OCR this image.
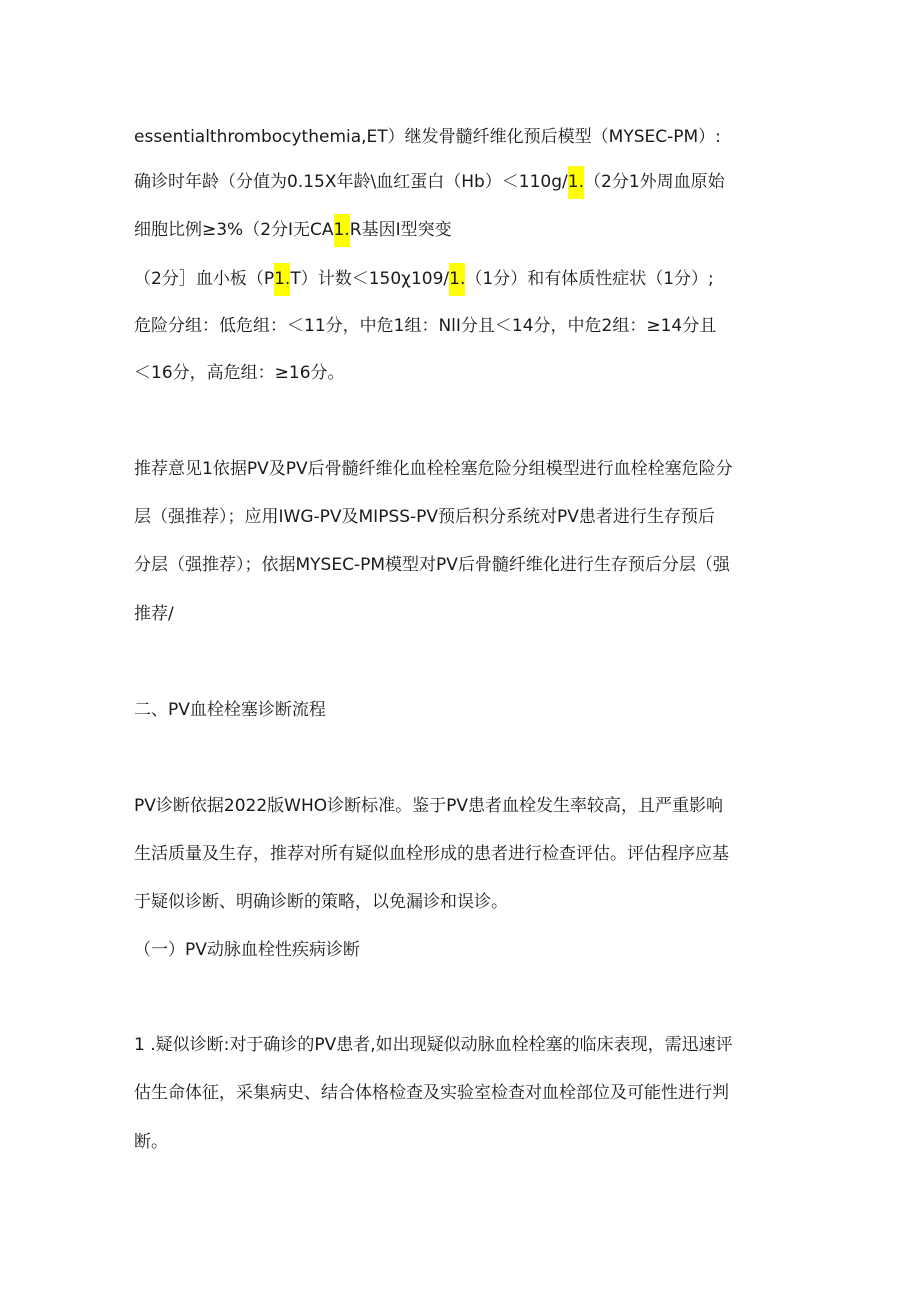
essentialthrombocythemia,ET）继发骨髓纤维化预后模型（MYSEC-PM）:
确诊时年龄（分值为0.15X年龄\血红蛋白（Hb）＜110g/1.（2分1外周血原始
细胞比例≥3%（2分I无CA1.R基因I型突变
（2分］血小板（P1.T）计数＜150χ109/1.（1分）和有体质性症状（1分）;
危险分组：低危组：＜11分，中危1组：NlI分且＜14分，中危2组：≥14分且
＜16分，高危组：≥16分。
推荐意见1依据PV及PV后骨髓纤维化血栓栓塞危险分组模型进行血栓栓塞危险分
层（强推荐）；应用IWG-PV及MIPSS-PV预后积分系统对PV患者进行生存预后
分层（强推荐）；依据MYSEC-PM模型对PV后骨髓纤维化进行生存预后分层（强
推荐/
二、PV血栓栓塞诊断流程
PV诊断依据2022版WHO诊断标准。鉴于PV患者血栓发生率较高，且严重影响
生活质量及生存，推荐对所有疑似血栓形成的患者进行检查评估。评估程序应基
于疑似诊断、明确诊断的策略，以免漏诊和误诊。
（一）PV动脉血栓性疾病诊断
1 .疑似诊断:对于确诊的PV患者,如出现疑似动脉血栓栓塞的临床表现，需迅速评
估生命体征，采集病史、结合体格检查及实验室检查对血栓部位及可能性进行判
断。
